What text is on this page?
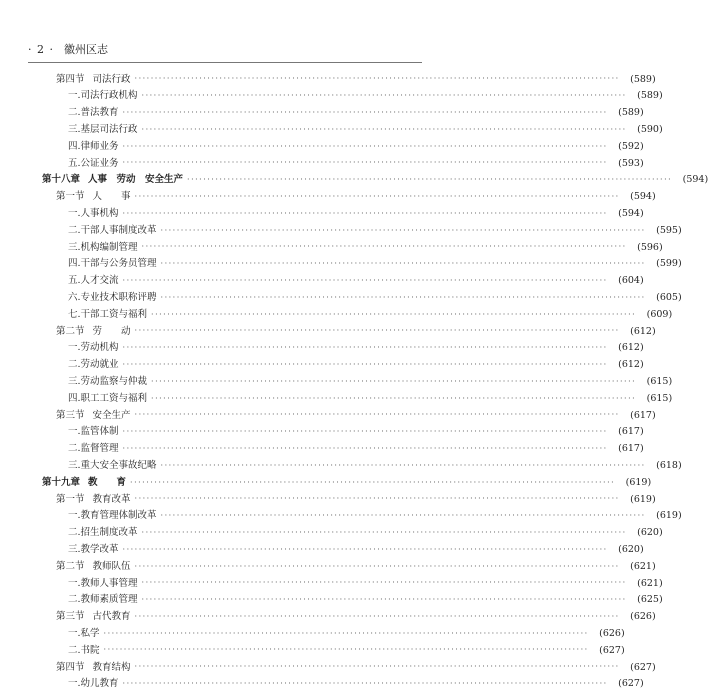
· 2 · 徽州区志
第四节 司法行政 ························································································································	(589)
一.司法行政机构 ························································································································	(589)
二.普法教育 ························································································································	(589)
三.基层司法行政 ························································································································	(590)
四.律师业务 ························································································································	(592)
五.公证业务 ························································································································	(593)
第十八章 人事　劳动　安全生产 ························································································································	(594)
第一节 人　　事 ························································································································	(594)
一.人事机构 ························································································································	(594)
二.干部人事制度改革 ························································································································	(595)
三.机构编制管理 ························································································································	(596)
四.干部与公务员管理 ························································································································	(599)
五.人才交流 ························································································································	(604)
六.专业技术职称评聘 ························································································································	(605)
七.干部工资与福利 ························································································································	(609)
第二节 劳　　动 ························································································································	(612)
一.劳动机构 ························································································································	(612)
二.劳动就业 ························································································································	(612)
三.劳动监察与仲裁 ························································································································	(615)
四.职工工资与福利 ························································································································	(615)
第三节 安全生产 ························································································································	(617)
一.监管体制 ························································································································	(617)
二.监督管理 ························································································································	(617)
三.重大安全事故纪略 ························································································································	(618)
第十九章 教　　育 ························································································································	(619)
第一节 教育改革 ························································································································	(619)
一.教育管理体制改革 ························································································································	(619)
二.招生制度改革 ························································································································	(620)
三.教学改革 ························································································································	(620)
第二节 教师队伍 ························································································································	(621)
一.教师人事管理 ························································································································	(621)
二.教师素质管理 ························································································································	(625)
第三节 古代教育 ························································································································	(626)
一.私学 ························································································································	(626)
二.书院 ························································································································	(627)
第四节 教育结构 ························································································································	(627)
一.幼儿教育 ························································································································	(627)
